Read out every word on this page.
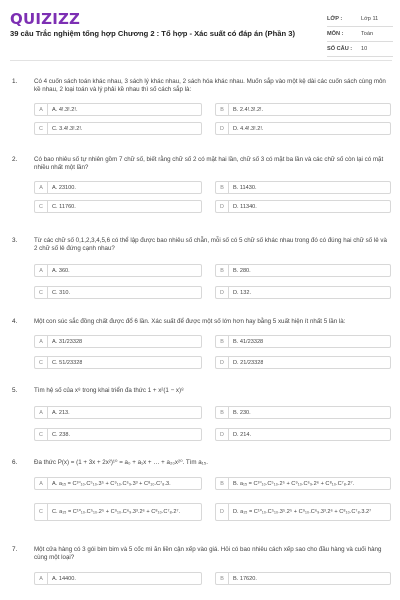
QUIZIZZ
39 câu Trắc nghiệm tổng hợp Chương 2 : Tổ hợp - Xác suất có đáp án (Phần 3)
LỚP :	Lớp 11
MÔN :	Toán
SỐ CÂU :	10
1.	Có 4 cuốn sách toán khác nhau, 3 sách lý khác nhau, 2 sách hóa khác nhau. Muốn sắp vào một kệ dài các cuốn sách cùng môn kề nhau, 2 loại toán và lý phải kề nhau thì số cách sắp là:
A	A. 4!.3!.2!.	B	B. 2.4!.3!.2!.
C	C. 3.4!.3!.2!.	D	D. 4.4!.3!.2!.
2.	Có bao nhiêu số tự nhiên gồm 7 chữ số, biết rằng chữ số 2 có mặt hai lần, chữ số 3 có mặt ba lần và các chữ số còn lại có mặt nhiều nhất một lần?
A	A. 23100.	B	B. 11430.
C	C. 11760.	D	D. 11340.
3.	Từ các chữ số 0,1,2,3,4,5,6 có thể lập được bao nhiêu số chẵn, mỗi số có 5 chữ số khác nhau trong đó có đúng hai chữ số lẻ và 2 chữ số lẻ đứng cạnh nhau?
A	A. 360.	B	B. 280.
C	C. 310.	D	D. 132.
4.	Một con súc sắc đồng chất được đổ 6 lần. Xác suất để được một số lớn hơn hay bằng 5 xuất hiện ít nhất 5 lần là:
A	A. 31/23328	B	B. 41/23328
C	C. 51/23328	D	D. 21/23328
5.	Tìm hệ số của x⁸ trong khai triển đa thức 1 + x²(1 − x)⁸
A	A. 213.	B	B. 230.
C	C. 238.	D	D. 214.
6.	Đa thức P(x) = (1 + 3x + 2x²)¹⁰ = a₀ + a₁x + … + a₂₀x²⁰. Tìm a₁₅.
A	A. a₁₅ = C¹⁰₁₀.C⁵₁₀.3⁵ + C⁹₁₀.C⁶₉.3³ + C⁸₁₀.C⁷₈.3.	B	B. a₁₅ = C¹⁰₁₀.C⁵₁₀.2⁵ + C⁹₁₀.C⁶₉.2⁶ + C⁸₁₀.C⁷₈.2⁷.
C	C. a₁₅ = C¹⁰₁₀.C⁵₁₀.2⁵ + C⁹₁₀.C⁶₉.3³.2⁶ + C⁸₁₀.C⁷₈.2⁷.	D	D. a₁₅ = C¹⁰₁₀.C⁵₁₀.3⁵.2⁵ + C⁹₁₀.C⁶₉.3³.2⁶ + C⁸₁₀.C⁷₈.3.2⁷
7.	Một cửa hàng có 3 gói bim bim và 5 cốc mì ăn liền cận xếp vào giá. Hỏi có bao nhiêu cách xếp sao cho đầu hàng và cuối hàng cùng một loại?
A	A. 14400.	B	B. 17620.
